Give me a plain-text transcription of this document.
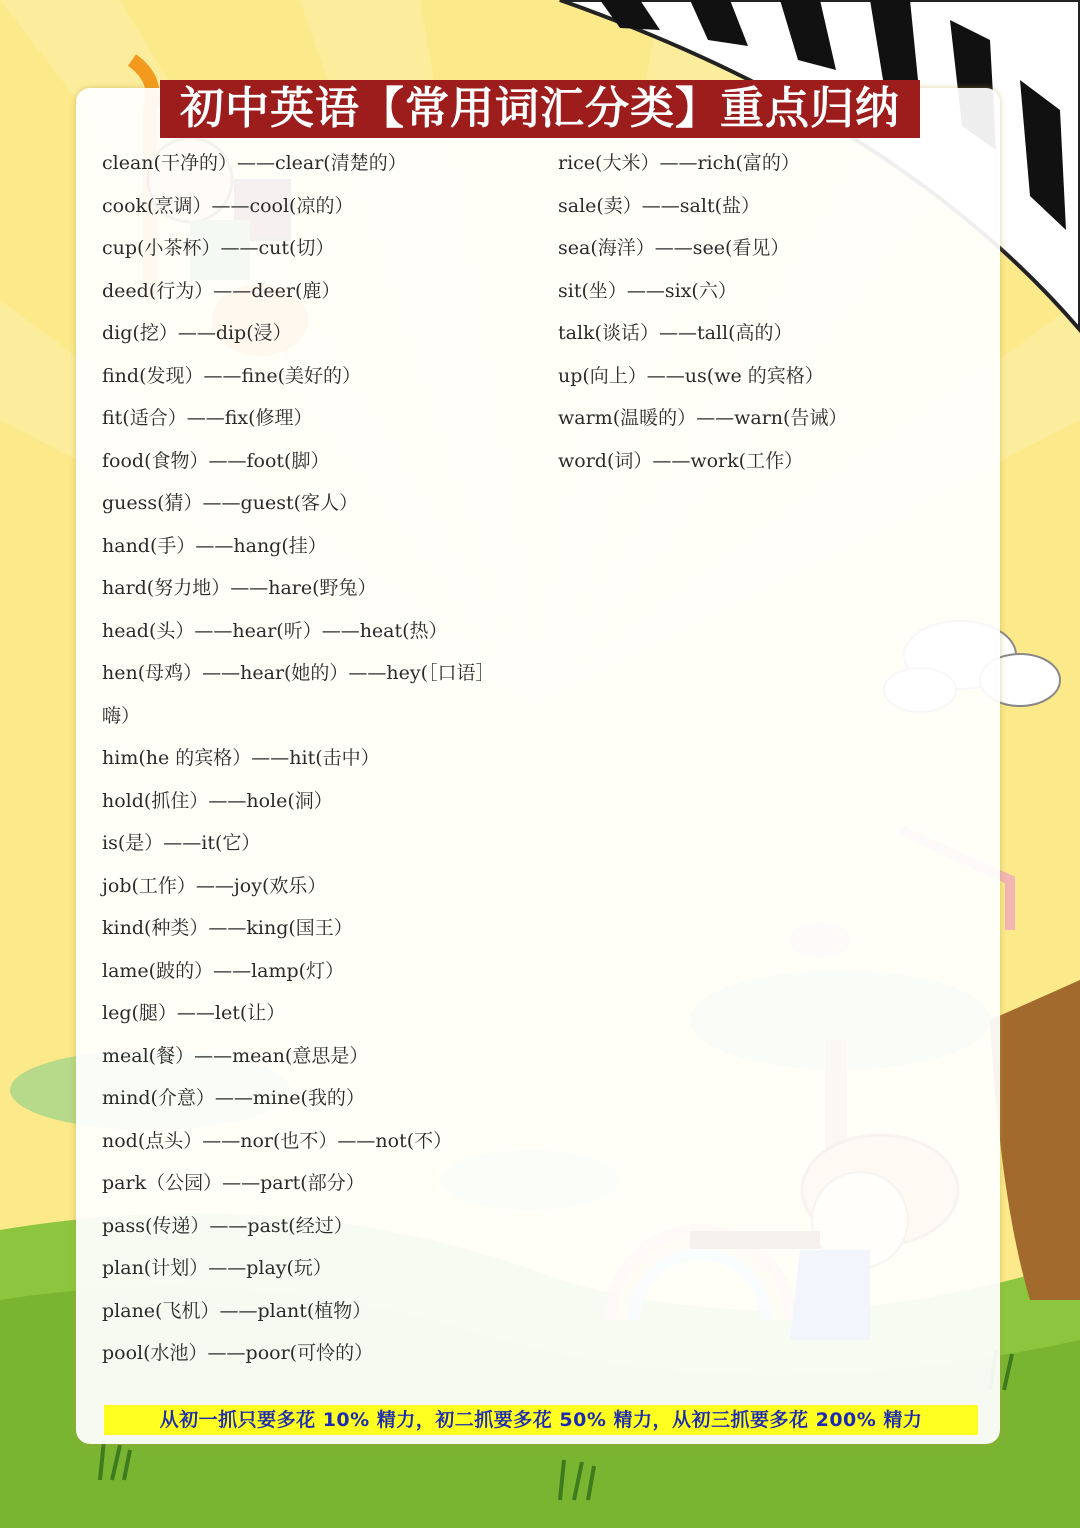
初中英语【常用词汇分类】重点归纳
clean(干净的）——clear(清楚的）
cook(烹调）——cool(凉的）
cup(小茶杯）——cut(切）
deed(行为）——deer(鹿）
dig(挖）——dip(浸）
find(发现）——fine(美好的）
fit(适合）——fix(修理）
food(食物）——foot(脚）
guess(猜）——guest(客人）
hand(手）——hang(挂）
hard(努力地）——hare(野兔）
head(头）——hear(听）——heat(热）
hen(母鸡）——hear(她的）——hey(［口语］
嗨）
him(he 的宾格）——hit(击中）
hold(抓住）——hole(洞）
is(是）——it(它）
job(工作）——joy(欢乐）
kind(种类）——king(国王）
lame(跛的）——lamp(灯）
leg(腿）——let(让）
meal(餐）——mean(意思是）
mind(介意）——mine(我的）
nod(点头）——nor(也不）——not(不）
park（公园）——part(部分）
pass(传递）——past(经过）
plan(计划）——play(玩）
plane(飞机）——plant(植物）
pool(水池）——poor(可怜的）
rice(大米）——rich(富的）
sale(卖）——salt(盐）
sea(海洋）——see(看见）
sit(坐）——six(六）
talk(谈话）——tall(高的）
up(向上）——us(we 的宾格）
warm(温暖的）——warn(告诫）
word(词）——work(工作）
从初一抓只要多花 10% 精力，初二抓要多花 50% 精力，从初三抓要多花 200% 精力
